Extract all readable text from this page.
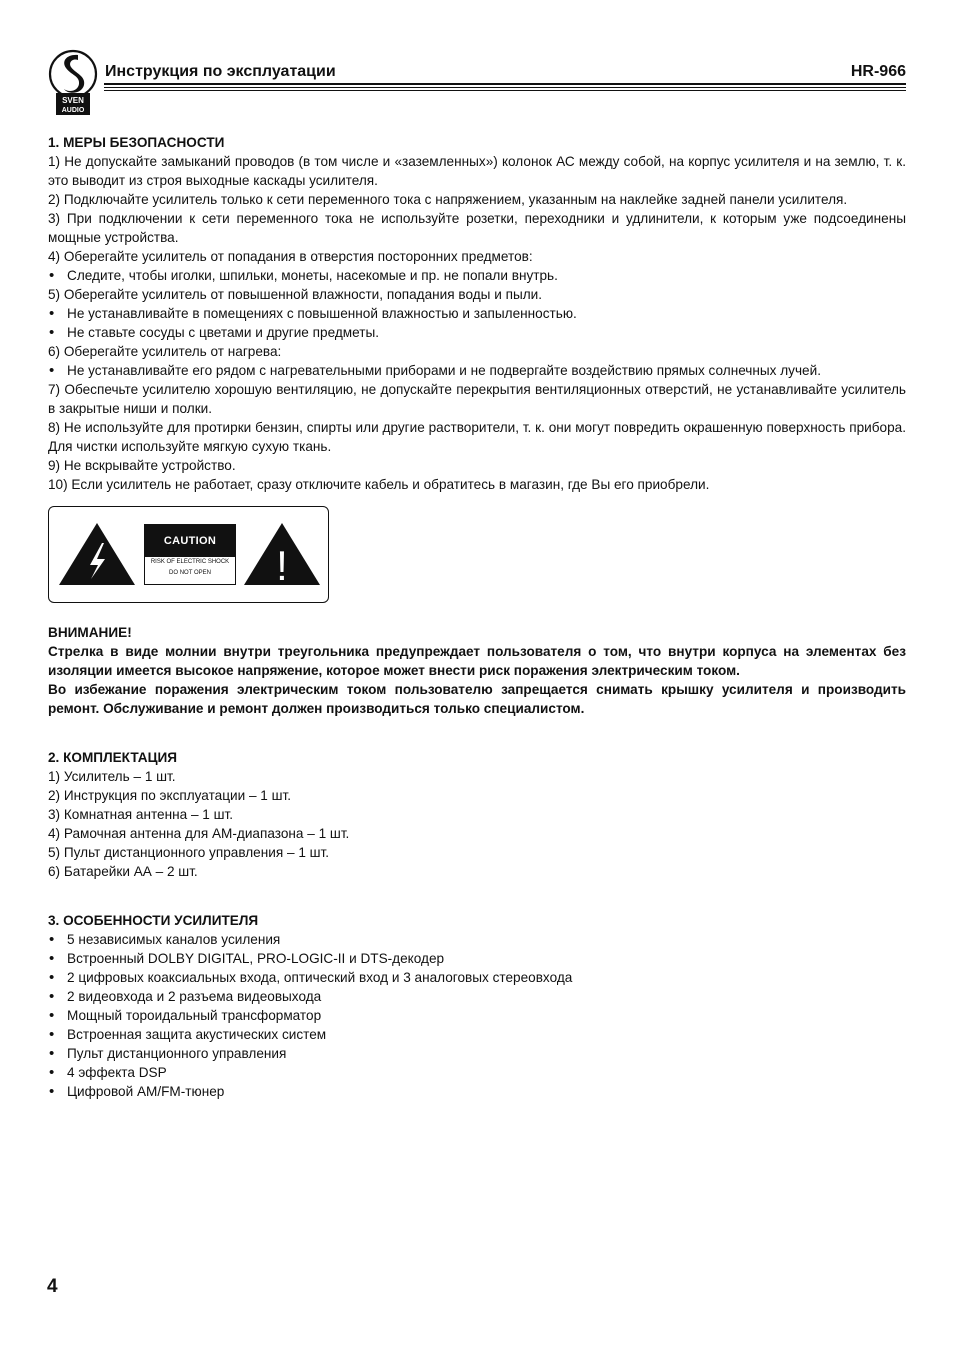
SVEN
AUDIO
Инструкция по эксплуатации	HR-966

1. МЕРЫ БЕЗОПАСНОСТИ

1) Не допускайте замыканий проводов (в том числе и «заземленных») колонок АС между собой, на корпус усилителя и на землю, т. к. это выводит из строя выходные каскады усилителя.

2) Подключайте усилитель только к сети переменного тока с напряжением, указанным на наклейке задней панели усилителя.

3) При подключении к сети переменного тока не используйте розетки, переходники и удлинители, к которым уже подсоединены мощные устройства.

4) Оберегайте усилитель от попадания в отверстия посторонних предметов:

• Следите, чтобы иголки, шпильки, монеты, насекомые и пр. не попали внутрь.

5) Оберегайте усилитель от повышенной влажности, попадания воды и пыли.

• Не устанавливайте в помещениях с повышенной влажностью и запыленностью.

• Не ставьте сосуды с цветами и другие предметы.

6) Оберегайте усилитель от нагрева:

• Не устанавливайте его рядом с нагревательными приборами и не подвергайте воздействию прямых солнечных лучей.

7) Обеспечьте усилителю хорошую вентиляцию, не допускайте перекрытия вентиляционных отверстий, не устанавливайте усилитель в закрытые ниши и полки.

8) Не используйте для протирки бензин, спирты или другие растворители, т. к. они могут повредить окрашенную поверхность прибора. Для чистки используйте мягкую сухую ткань.

9) Не вскрывайте устройство.

10) Если усилитель не работает, сразу отключите кабель и обратитесь в магазин, где Вы его приобрели.

CAUTION
RISK OF ELECTRIC SHOCK
DO NOT OPEN	!

ВНИМАНИЕ!

Стрелка в виде молнии внутри треугольника предупреждает пользователя о том, что внутри корпуса на элементах без изоляции имеется высокое напряжение, которое может внести риск поражения электрическим током.

Во избежание поражения электрическим током пользователю запрещается снимать крышку усилителя и производить ремонт. Обслуживание и ремонт должен производиться только специалистом.

2. КОМПЛЕКТАЦИЯ

1) Усилитель – 1 шт.

2) Инструкция по эксплуатации – 1 шт.

3) Комнатная антенна – 1 шт.

4) Рамочная антенна для АМ-диапазона – 1 шт.

5) Пульт дистанционного управления – 1 шт.

6) Батарейки АА – 2 шт.

3. ОСОБЕННОСТИ УСИЛИТЕЛЯ

• 5 независимых каналов усиления

• Встроенный DOLBY DIGITAL, PRO-LOGIC-II и DTS-декодер

• 2 цифровых коаксиальных входа, оптический вход и 3 аналоговых стереовхода

• 2 видеовхода и 2 разъема видеовыхода

• Мощный тороидальный трансформатор

• Встроенная защита акустических систем

• Пульт дистанционного управления

• 4 эффекта DSP

• Цифровой AM/FM-тюнер

4
